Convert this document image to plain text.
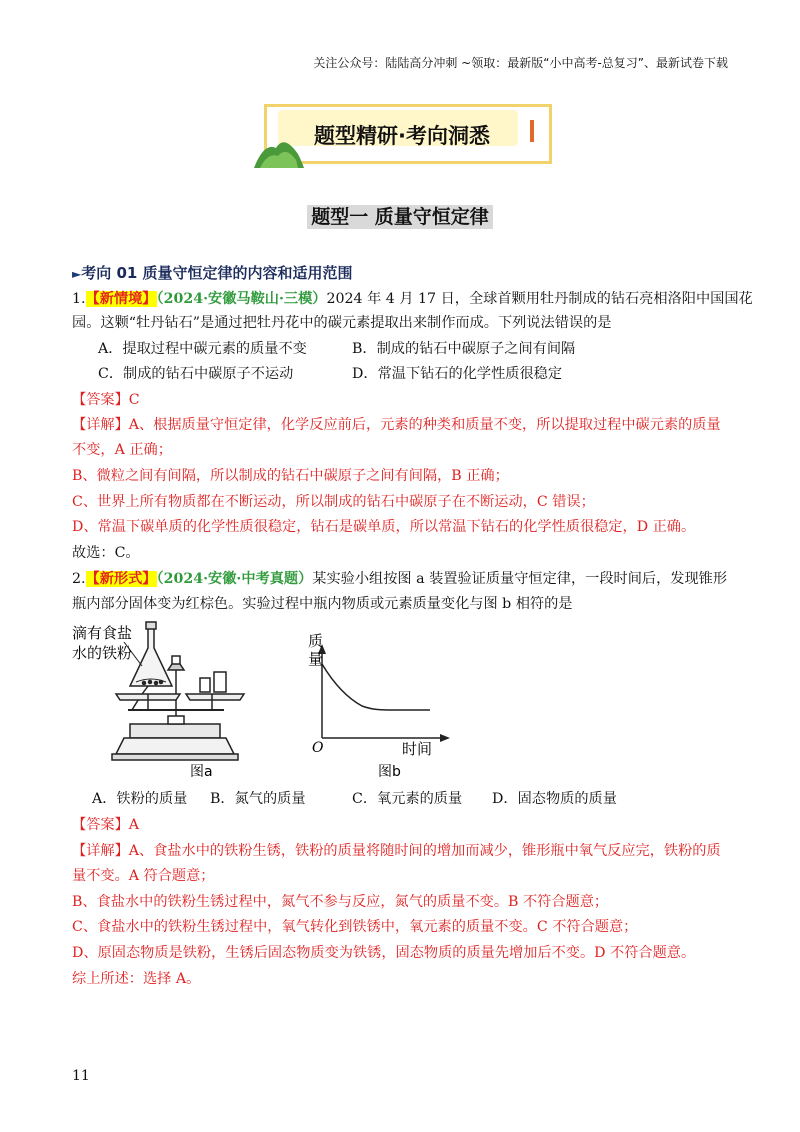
关注公众号：陆陆高分冲刺 ~领取：最新版“小中高考-总复习”、最新试卷下载
题型精研·考向洞悉
题型一 质量守恒定律
►考向 01 质量守恒定律的内容和适用范围
1.【新情境】（2024·安徽马鞍山·三模）2024 年 4 月 17 日，全球首颗用牡丹制成的钻石亮相洛阳中国国花
园。这颗“牡丹钻石”是通过把牡丹花中的碳元素提取出来制作而成。下列说法错误的是
A．提取过程中碳元素的质量不变	B．制成的钻石中碳原子之间有间隔
C．制成的钻石中碳原子不运动	D．常温下钻石的化学性质很稳定
【答案】C
【详解】A、根据质量守恒定律，化学反应前后，元素的种类和质量不变，所以提取过程中碳元素的质量
不变，A 正确；
B、微粒之间有间隔，所以制成的钻石中碳原子之间有间隔，B 正确；
C、世界上所有物质都在不断运动，所以制成的钻石中碳原子在不断运动，C 错误；
D、常温下碳单质的化学性质很稳定，钻石是碳单质，所以常温下钻石的化学性质很稳定，D 正确。
故选：C。
2.【新形式】（2024·安徽·中考真题）某实验小组按图 a 装置验证质量守恒定律，一段时间后，发现锥形
瓶内部分固体变为红棕色。实验过程中瓶内物质或元素质量变化与图 b 相符的是
滴有食盐
水的铁粉
图a
质
量
O	时间
图b
A．铁粉的质量 B．氮气的质量	C．氧元素的质量 D．固态物质的质量
【答案】A
【详解】A、食盐水中的铁粉生锈，铁粉的质量将随时间的增加而减少，锥形瓶中氧气反应完，铁粉的质
量不变。A 符合题意；
B、食盐水中的铁粉生锈过程中，氮气不参与反应，氮气的质量不变。B 不符合题意；
C、食盐水中的铁粉生锈过程中，氧气转化到铁锈中，氧元素的质量不变。C 不符合题意；
D、原固态物质是铁粉，生锈后固态物质变为铁锈，固态物质的质量先增加后不变。D 不符合题意。
综上所述：选择 A。
11
